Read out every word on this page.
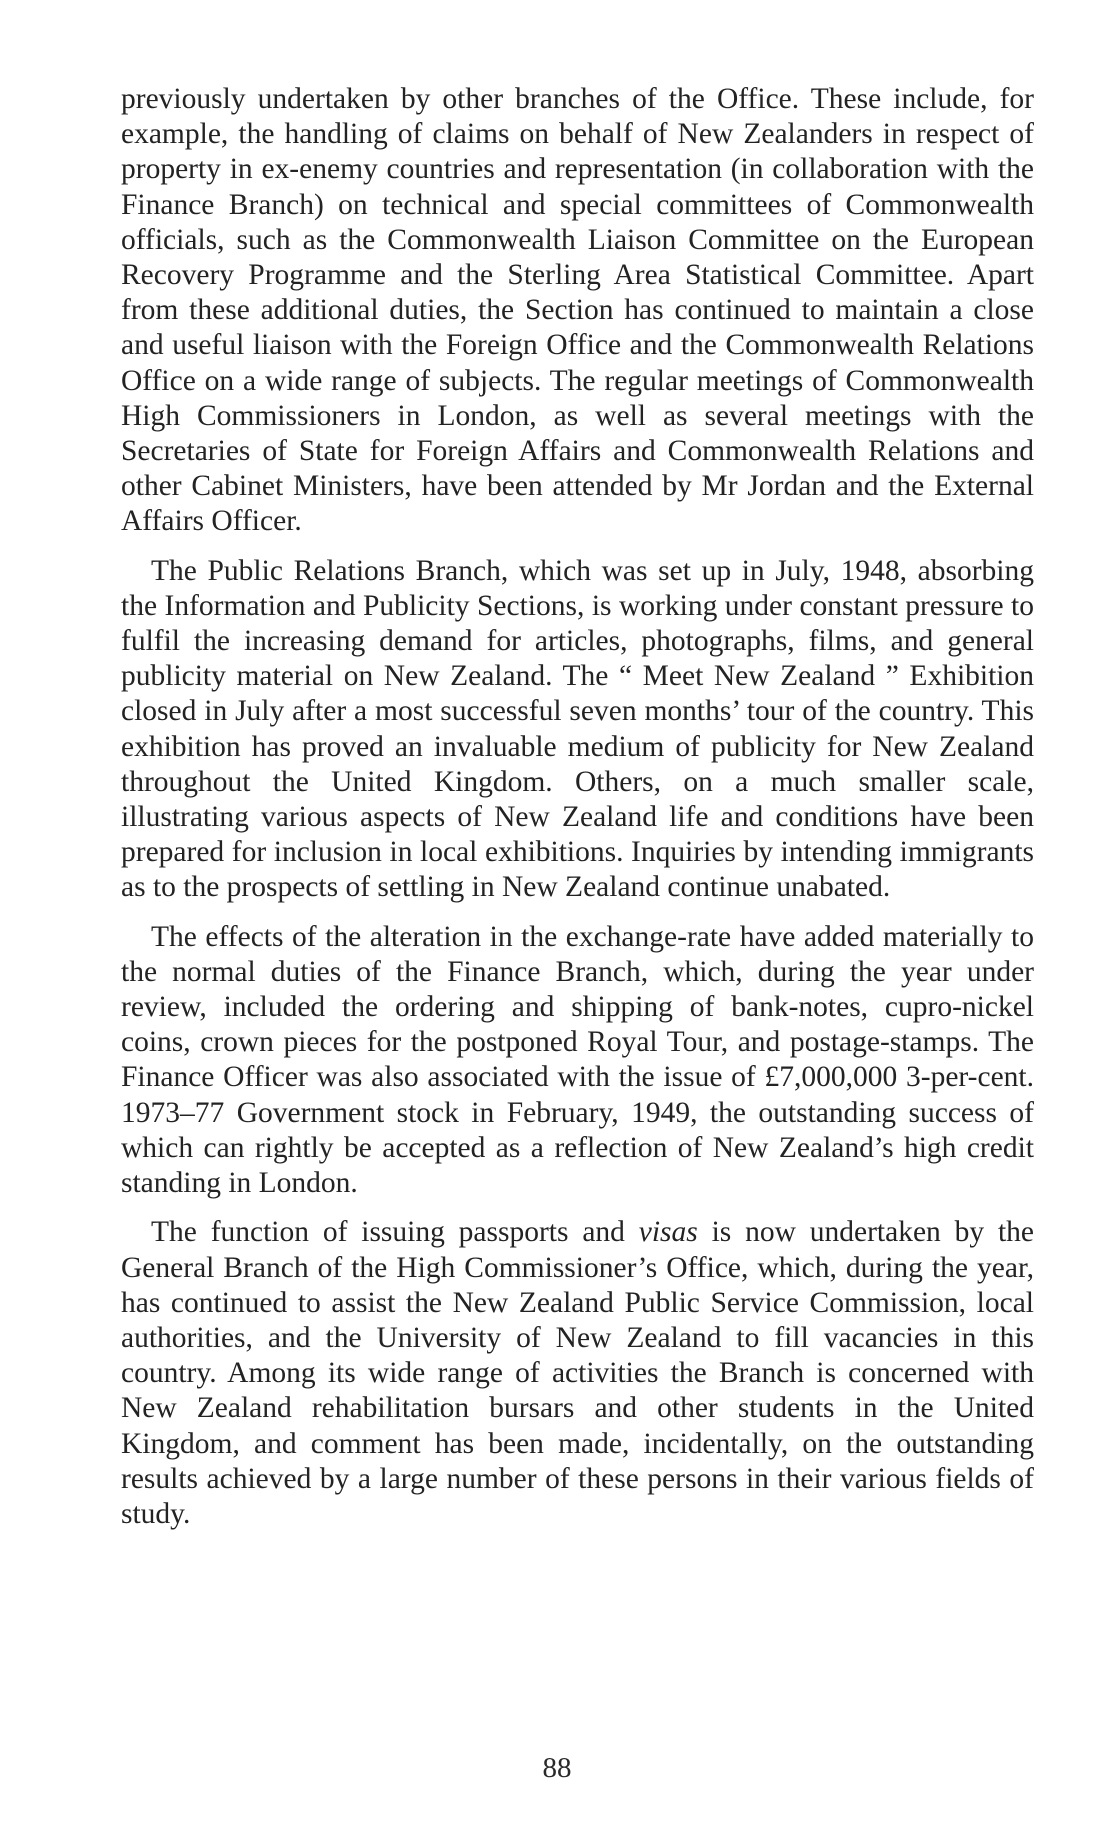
previously undertaken by other branches of the Office. These include, for example, the handling of claims on behalf of New Zealanders in respect of property in ex-enemy countries and representation (in collaboration with the Finance Branch) on technical and special committees of Commonwealth officials, such as the Commonwealth Liaison Committee on the European Recovery Programme and the Sterling Area Statistical Committee. Apart from these additional duties, the Section has continued to maintain a close and useful liaison with the Foreign Office and the Commonwealth Relations Office on a wide range of subjects. The regular meetings of Commonwealth High Commissioners in London, as well as several meetings with the Secretaries of State for Foreign Affairs and Commonwealth Relations and other Cabinet Ministers, have been attended by Mr Jordan and the External Affairs Officer.

The Public Relations Branch, which was set up in July, 1948, absorbing the Information and Publicity Sections, is working under constant pressure to fulfil the increasing demand for articles, photographs, films, and general publicity material on New Zealand. The “ Meet New Zealand ” Exhibition closed in July after a most successful seven months’ tour of the country. This exhibition has proved an invaluable medium of publicity for New Zealand throughout the United Kingdom. Others, on a much smaller scale, illustrating various aspects of New Zealand life and conditions have been prepared for inclusion in local exhibitions. Inquiries by intending immigrants as to the prospects of settling in New Zealand continue unabated.

The effects of the alteration in the exchange-rate have added materially to the normal duties of the Finance Branch, which, during the year under review, included the ordering and shipping of bank-notes, cupro-nickel coins, crown pieces for the postponed Royal Tour, and postage-stamps. The Finance Officer was also associated with the issue of £7,000,000 3-per-cent. 1973–77 Government stock in February, 1949, the outstanding success of which can rightly be accepted as a reflection of New Zealand’s high credit standing in London.

The function of issuing passports and visas is now undertaken by the General Branch of the High Commissioner’s Office, which, during the year, has continued to assist the New Zealand Public Service Commission, local authorities, and the University of New Zealand to fill vacancies in this country. Among its wide range of activities the Branch is concerned with New Zealand rehabilitation bursars and other students in the United Kingdom, and comment has been made, incidentally, on the outstanding results achieved by a large number of these persons in their various fields of study.

88
